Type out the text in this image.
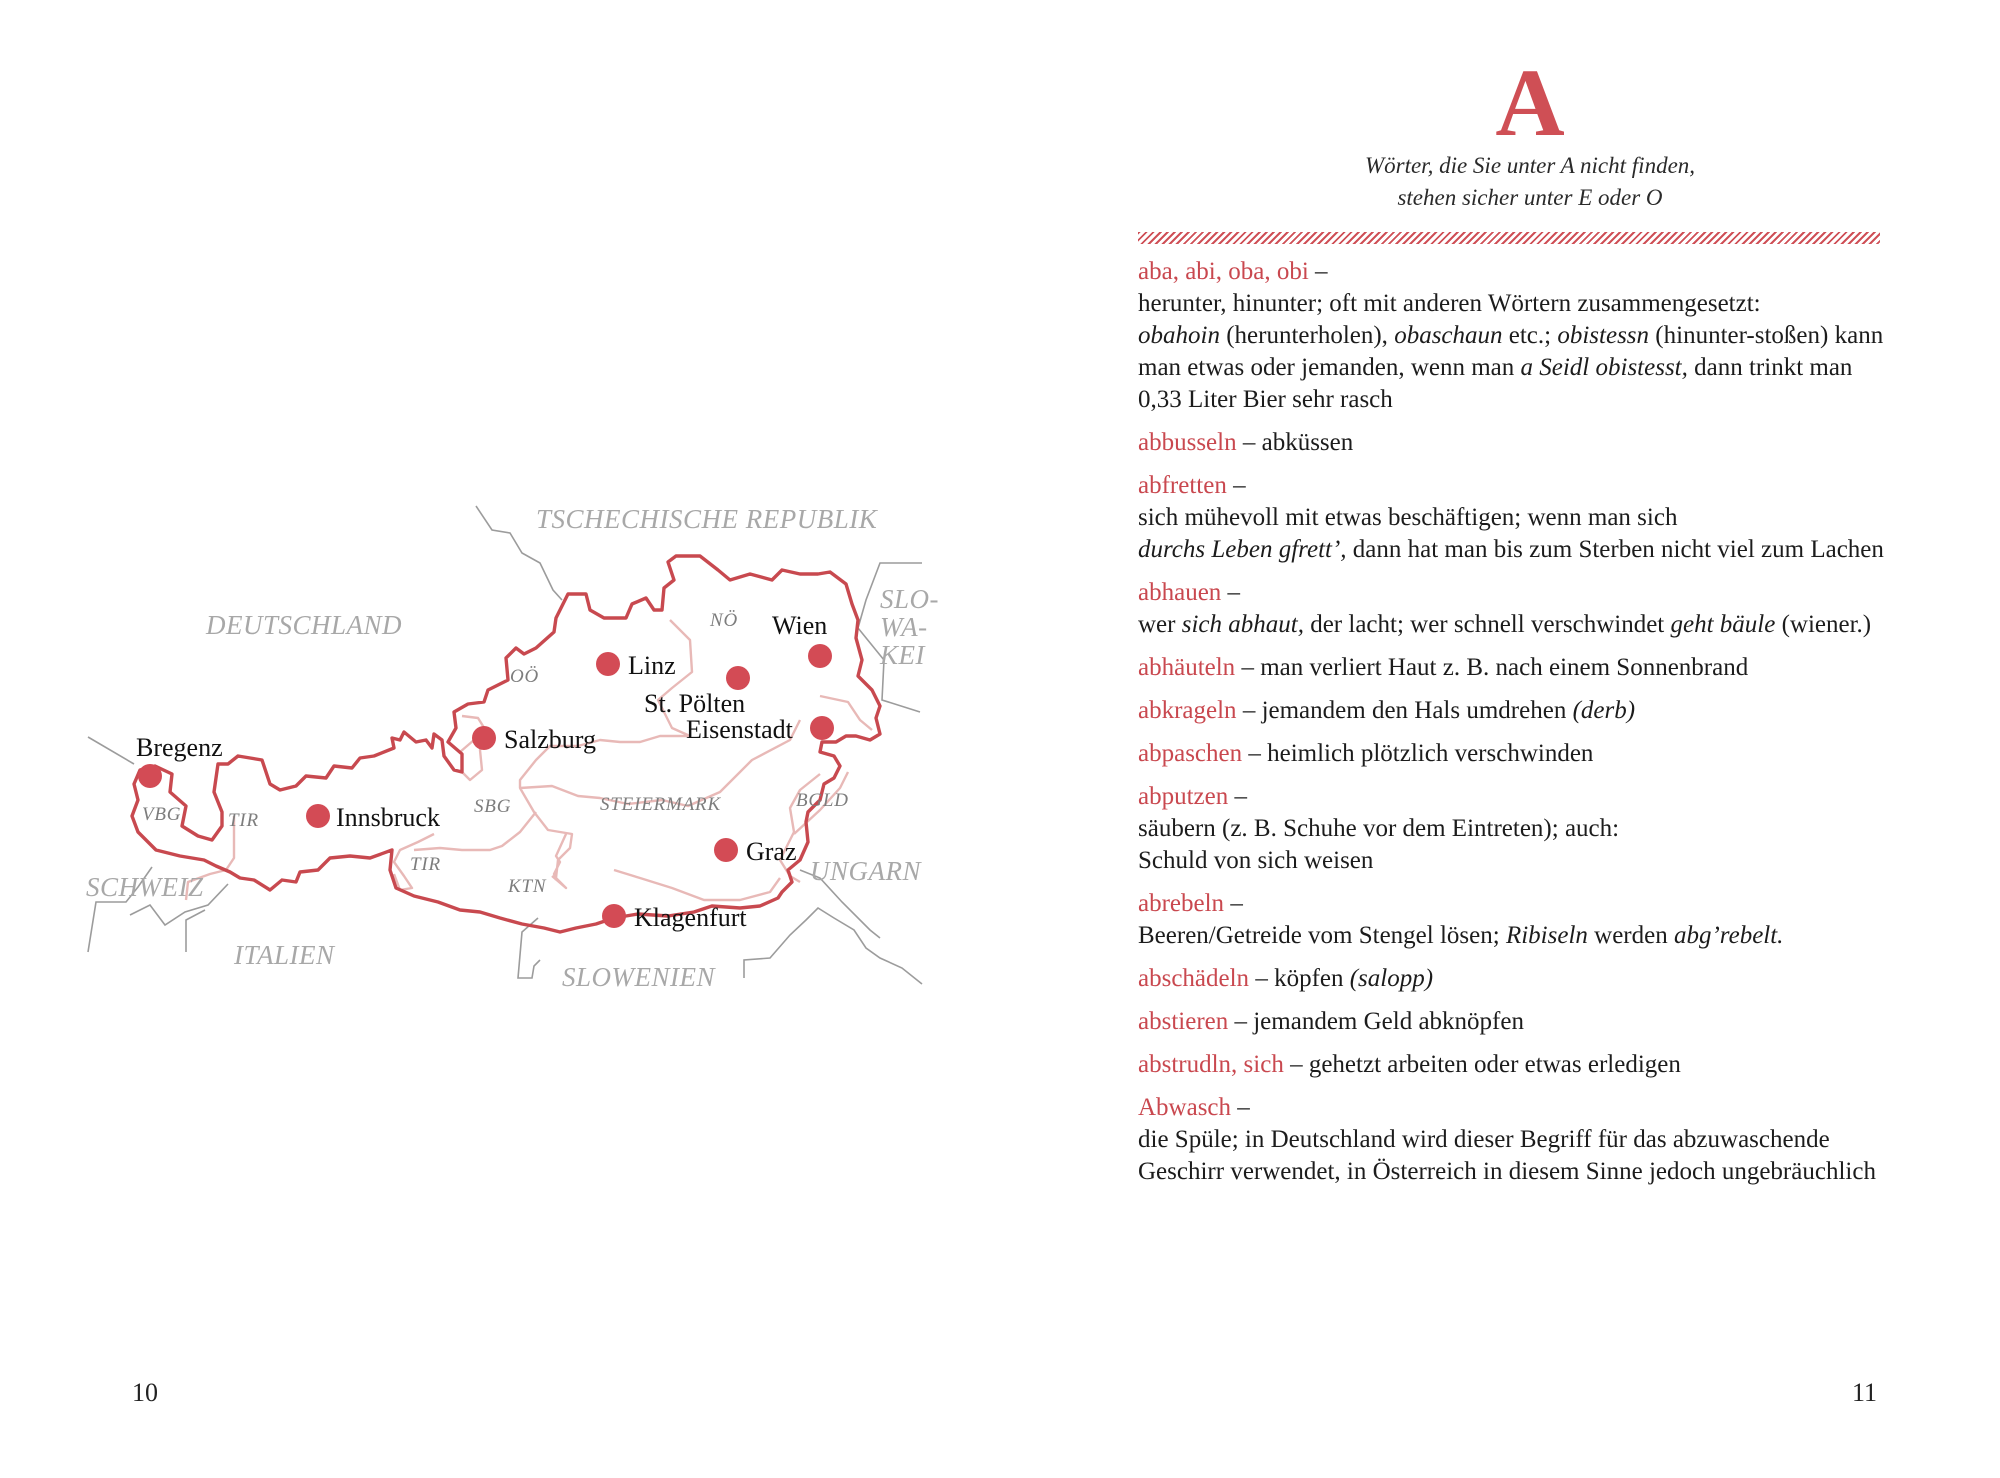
TSCHECHISCHE REPUBLIK
DEUTSCHLAND
SLO-
WA-
KEI
SCHWEIZ
ITALIEN
SLOWENIEN
UNGARN
NÖ
OÖ
SBG	STEIERMARK	BGLD
VBG TIR
TIR
KTN
Bregenz
Innsbruck
Salzburg
Linz
St. Pölten
Wien
Eisenstadt
Graz
Klagenfurt
10
A
Wörter, die Sie unter A nicht finden,
stehen sicher unter E oder O
aba, abi, oba, obi –
herunter, hinunter; oft mit anderen Wörtern zusammengesetzt:
obahoin (herunterholen), obaschaun etc.; obistessn (hinunter-stoßen) kann man etwas oder jemanden, wenn man a Seidl obistesst, dann trinkt man 0,33 Liter Bier sehr rasch
abbusseln – abküssen
abfretten –
sich mühevoll mit etwas beschäftigen; wenn man sich
durchs Leben gfrett’, dann hat man bis zum Sterben nicht viel zum Lachen
abhauen –
wer sich abhaut, der lacht; wer schnell verschwindet geht bäule (wiener.)
abhäuteln – man verliert Haut z. B. nach einem Sonnenbrand
abkrageln – jemandem den Hals umdrehen (derb)
abpaschen – heimlich plötzlich verschwinden
abputzen –
säubern (z. B. Schuhe vor dem Eintreten); auch:
Schuld von sich weisen
abrebeln –
Beeren/Getreide vom Stengel lösen; Ribiseln werden abg’rebelt.
abschädeln – köpfen (salopp)
abstieren – jemandem Geld abknöpfen
abstrudln, sich – gehetzt arbeiten oder etwas erledigen
Abwasch –
die Spüle; in Deutschland wird dieser Begriff für das abzuwaschende Geschirr verwendet, in Österreich in diesem Sinne jedoch ungebräuchlich
11
